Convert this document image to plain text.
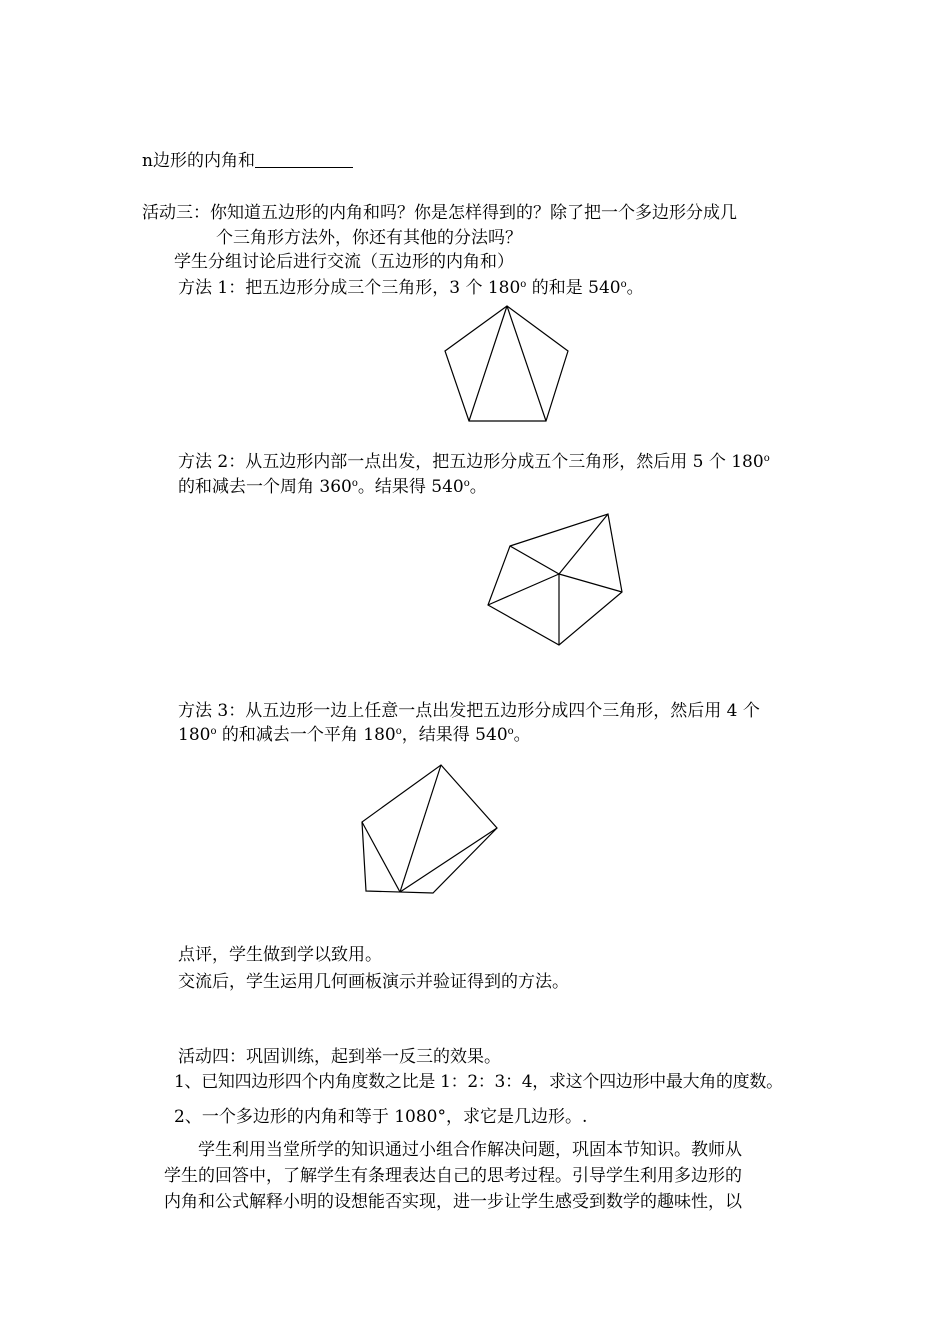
n边形的内角和
活动三：你知道五边形的内角和吗？你是怎样得到的？除了把一个多边形分成几
个三角形方法外，你还有其他的分法吗？
学生分组讨论后进行交流（五边形的内角和）
方法 1：把五边形分成三个三角形，3 个 180$^o$ 的和是 540$^o$。
方法 2：从五边形内部一点出发，把五边形分成五个三角形，然后用 5 个 180$^o$
的和减去一个周角 360$^o$。结果得 540$^o$。
方法 3：从五边形一边上任意一点出发把五边形分成四个三角形，然后用 4 个
180$^o$ 的和减去一个平角 180$^o$，结果得 540$^o$。
点评，学生做到学以致用。
交流后，学生运用几何画板演示并验证得到的方法。
活动四：巩固训练，起到举一反三的效果。
1、已知四边形四个内角度数之比是 1：2：3：4，求这个四边形中最大角的度数。
2、一个多边形的内角和等于 1080°，求它是几边形。.
学生利用当堂所学的知识通过小组合作解决问题，巩固本节知识。教师从
学生的回答中，了解学生有条理表达自己的思考过程。引导学生利用多边形的
内角和公式解释小明的设想能否实现，进一步让学生感受到数学的趣味性，以
